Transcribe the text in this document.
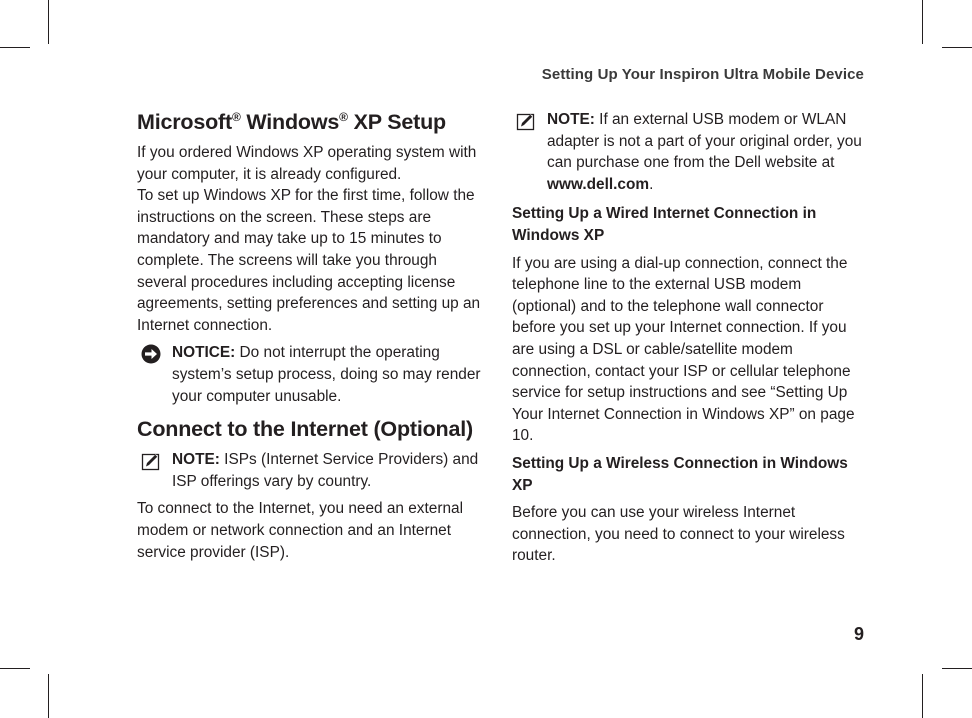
Setting Up Your Inspiron Ultra Mobile Device
Microsoft® Windows® XP Setup

If you ordered Windows XP operating system with your computer, it is already configured.

To set up Windows XP for the first time, follow the instructions on the screen. These steps are mandatory and may take up to 15 minutes to complete. The screens will take you through several procedures including accepting license agreements, setting preferences and setting up an Internet connection.

NOTICE: Do not interrupt the operating system’s setup process, doing so may render your computer unusable.
Connect to the Internet (Optional)
NOTE: ISPs (Internet Service Providers) and ISP offerings vary by country.

To connect to the Internet, you need an external modem or network connection and an Internet service provider (ISP).

NOTE: If an external USB modem or WLAN adapter is not a part of your original order, you can purchase one from the Dell website at www.dell.com.
Setting Up a Wired Internet Connection in Windows XP

If you are using a dial-up connection, connect the telephone line to the external USB modem (optional) and to the telephone wall connector before you set up your Internet connection. If you are using a DSL or cable/satellite modem connection, contact your ISP or cellular telephone service for setup instructions and see “Setting Up Your Internet Connection in Windows XP” on page 10.

Setting Up a Wireless Connection in Windows XP

Before you can use your wireless Internet connection, you need to connect to your wireless router.

9
